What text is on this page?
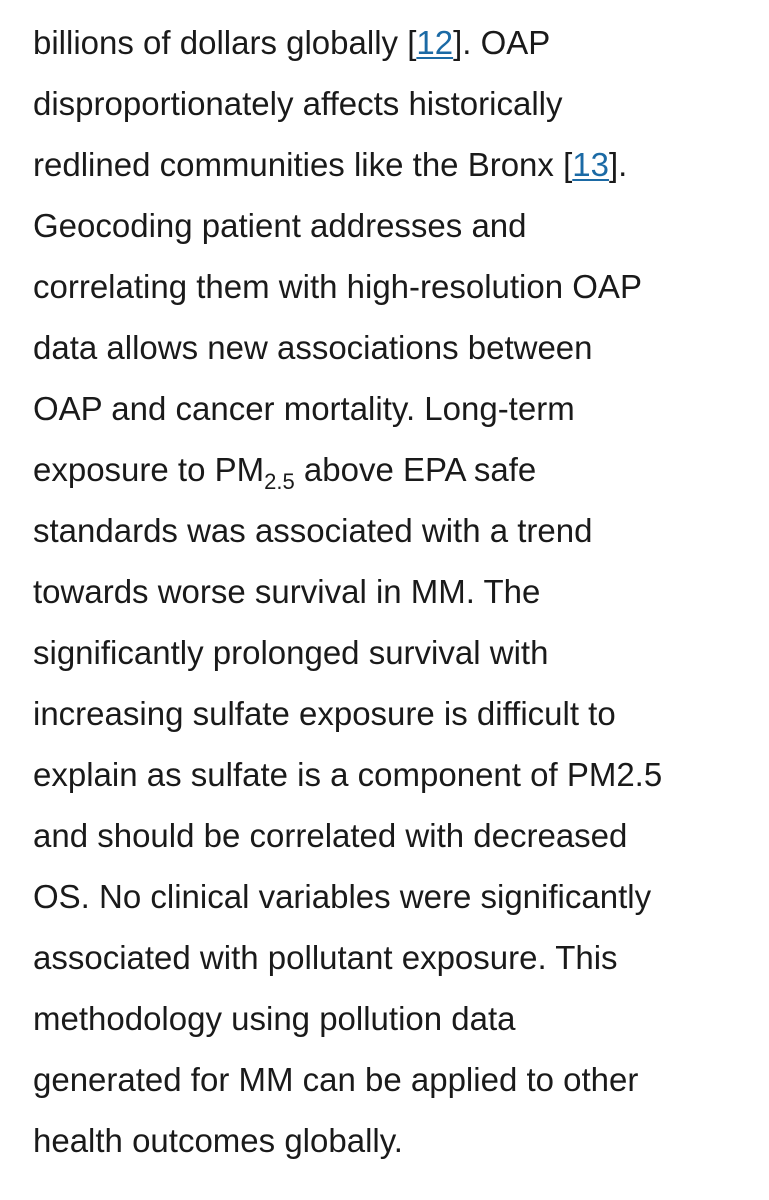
billions of dollars globally [12]. OAP
disproportionately affects historically
redlined communities like the Bronx [13].
Geocoding patient addresses and
correlating them with high-resolution OAP
data allows new associations between
OAP and cancer mortality. Long-term
exposure to $PM_{2.5}$ above EPA safe
standards was associated with a trend
towards worse survival in MM. The
significantly prolonged survival with
increasing sulfate exposure is difficult to
explain as sulfate is a component of PM2.5
and should be correlated with decreased
OS. No clinical variables were significantly
associated with pollutant exposure. This
methodology using pollution data
generated for MM can be applied to other
health outcomes globally.
